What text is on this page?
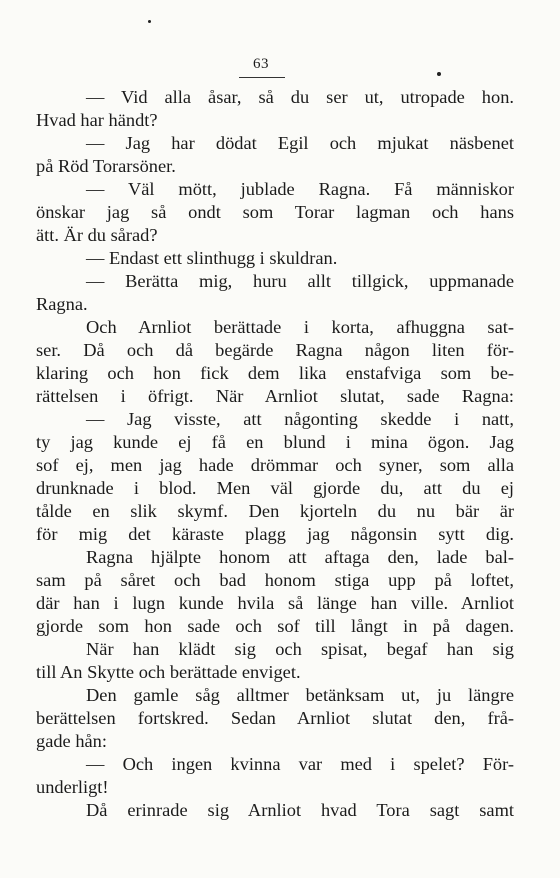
63
— Vid alla åsar, så du ser ut, utropade hon.
Hvad har händt?
— Jag har dödat Egil och mjukat näsbenet
på Röd Torarsöner.
— Väl mött, jublade Ragna. Få människor
önskar jag så ondt som Torar lagman och hans
ätt. Är du sårad?
— Endast ett slinthugg i skuldran.
— Berätta mig, huru allt tillgick, uppmanade
Ragna.
Och Arnliot berättade i korta, afhuggna sat-
ser. Då och då begärde Ragna någon liten för-
klaring och hon fick dem lika enstafviga som be-
rättelsen i öfrigt. När Arnliot slutat, sade Ragna:
— Jag visste, att någonting skedde i natt,
ty jag kunde ej få en blund i mina ögon. Jag
sof ej, men jag hade drömmar och syner, som alla
drunknade i blod. Men väl gjorde du, att du ej
tålde en slik skymf. Den kjorteln du nu bär är
för mig det käraste plagg jag någonsin sytt dig.
Ragna hjälpte honom att aftaga den, lade bal-
sam på såret och bad honom stiga upp på loftet,
där han i lugn kunde hvila så länge han ville. Arnliot
gjorde som hon sade och sof till långt in på dagen.
När han klädt sig och spisat, begaf han sig
till An Skytte och berättade enviget.
Den gamle såg alltmer betänksam ut, ju längre
berättelsen fortskred. Sedan Arnliot slutat den, frå-
gade hån:
— Och ingen kvinna var med i spelet? För-
underligt!
Då erinrade sig Arnliot hvad Tora sagt samt
